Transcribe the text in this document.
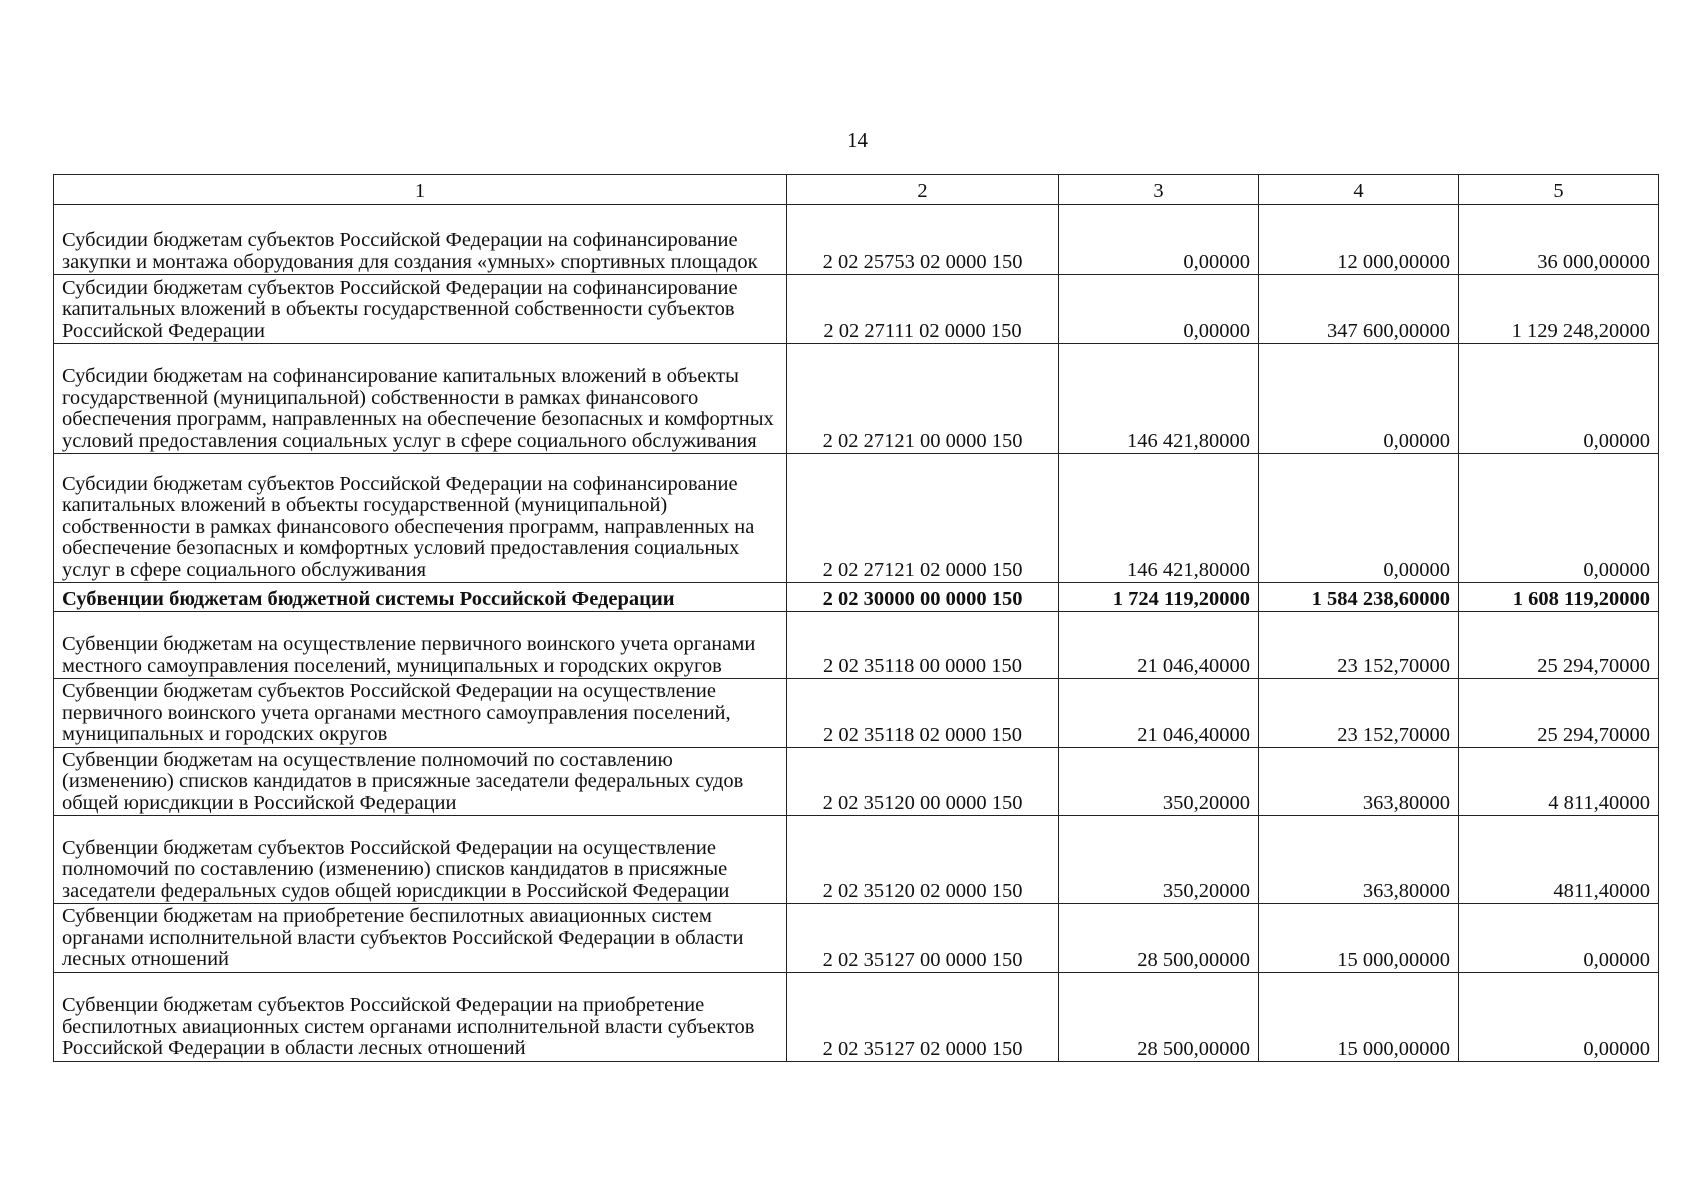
14
1	2	3	4	5
Субсидии бюджетам субъектов Российской Федерации на софинансирование закупки и монтажа оборудования для создания «умных» спортивных площадок	2 02 25753 02 0000 150	0,00000	12 000,00000	36 000,00000
Субсидии бюджетам субъектов Российской Федерации на софинансирование капитальных вложений в объекты государственной собственности субъектов Российской Федерации	2 02 27111 02 0000 150	0,00000	347 600,00000	1 129 248,20000
Субсидии бюджетам на софинансирование капитальных вложений в объекты государственной (муниципальной) собственности в рамках финансового обеспечения программ, направленных на обеспечение безопасных и комфортных условий предоставления социальных услуг в сфере социального обслуживания	2 02 27121 00 0000 150	146 421,80000	0,00000	0,00000
Субсидии бюджетам субъектов Российской Федерации на софинансирование капитальных вложений в объекты государственной (муниципальной) собственности в рамках финансового обеспечения программ, направленных на обеспечение безопасных и комфортных условий предоставления социальных услуг в сфере социального обслуживания	2 02 27121 02 0000 150	146 421,80000	0,00000	0,00000
Субвенции бюджетам бюджетной системы Российской Федерации	2 02 30000 00 0000 150	1 724 119,20000	1 584 238,60000	1 608 119,20000
Субвенции бюджетам на осуществление первичного воинского учета органами местного самоуправления поселений, муниципальных и городских округов	2 02 35118 00 0000 150	21 046,40000	23 152,70000	25 294,70000
Субвенции бюджетам субъектов Российской Федерации на осуществление первичного воинского учета органами местного самоуправления поселений, муниципальных и городских округов	2 02 35118 02 0000 150	21 046,40000	23 152,70000	25 294,70000
Субвенции бюджетам на осуществление полномочий по составлению (изменению) списков кандидатов в присяжные заседатели федеральных судов общей юрисдикции в Российской Федерации	2 02 35120 00 0000 150	350,20000	363,80000	4 811,40000
Субвенции бюджетам субъектов Российской Федерации на осуществление полномочий по составлению (изменению) списков кандидатов в присяжные заседатели федеральных судов общей юрисдикции в Российской Федерации	2 02 35120 02 0000 150	350,20000	363,80000	4811,40000
Субвенции бюджетам на приобретение беспилотных авиационных систем органами исполнительной власти субъектов Российской Федерации в области лесных отношений	2 02 35127 00 0000 150	28 500,00000	15 000,00000	0,00000
Субвенции бюджетам субъектов Российской Федерации на приобретение беспилотных авиационных систем органами исполнительной власти субъектов Российской Федерации в области лесных отношений	2 02 35127 02 0000 150	28 500,00000	15 000,00000	0,00000
